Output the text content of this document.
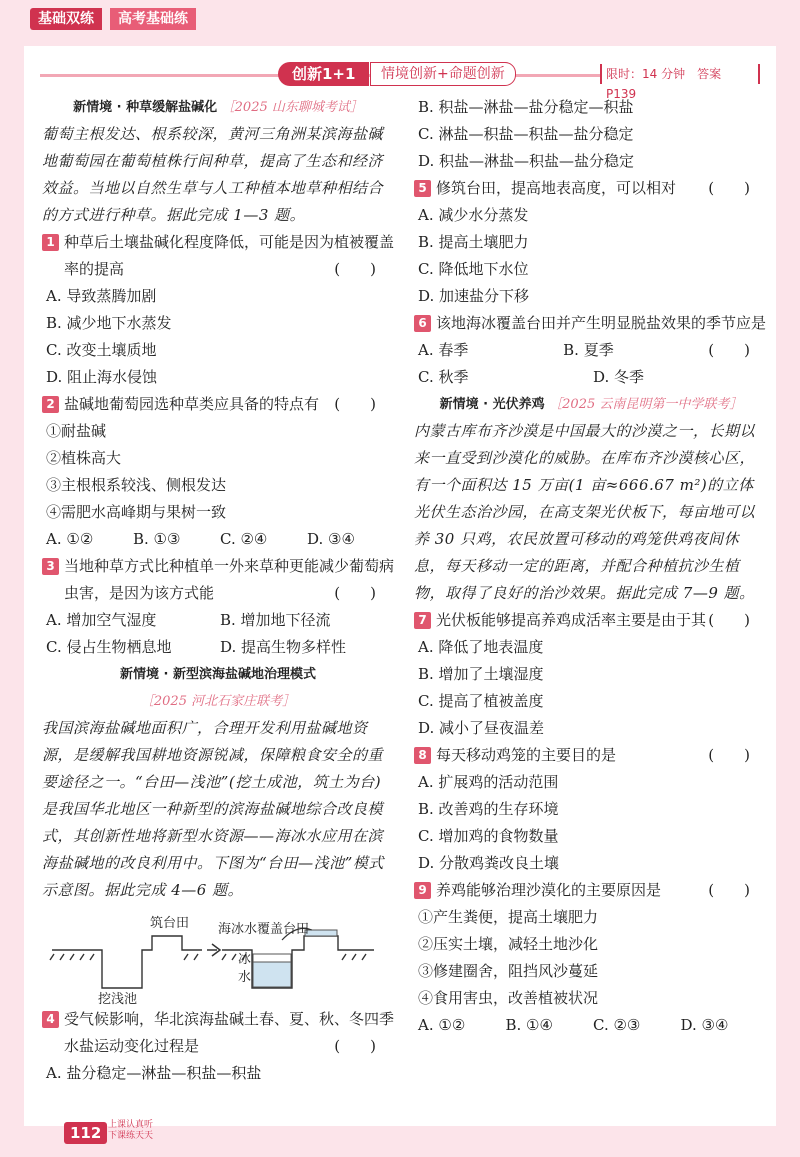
基础双练	高考基础练
创新1+1	情境创新+命题创新	限时：14 分钟　答案 P139
新情境 · 种草缓解盐碱化 ［2025 山东聊城考试］

葡萄主根发达、根系较深，黄河三角洲某滨海盐碱地葡萄园在葡萄植株行间种草，提高了生态和经济效益。当地以自然生草与人工种植本地草种相结合的方式进行种草。据此完成 1—3 题。

1 种草后土壤盐碱化程度降低，可能是因为植被覆盖率的提高	(　　)

A. 导致蒸腾加剧

B. 减少地下水蒸发

C. 改变土壤质地

D. 阻止海水侵蚀

2 盐碱地葡萄园选种草类应具备的特点有 (　　)

①耐盐碱

②植株高大

③主根根系较浅、侧根发达

④需肥水高峰期与果树一致

A. ①②	B. ①③	C. ②④	D. ③④
3 当地种草方式比种植单一外来草种更能减少葡萄病虫害，是因为该方式能	(　　)
A. 增加空气湿度	B. 增加地下径流
C. 侵占生物栖息地	D. 提高生物多样性
新情境 · 新型滨海盐碱地治理模式 ［2025 河北石家庄联考］

我国滨海盐碱地面积广，合理开发利用盐碱地资源，是缓解我国耕地资源锐减，保障粮食安全的重要途径之一。“台田—浅池”(挖土成池，筑土为台)是我国华北地区一种新型的滨海盐碱地综合改良模式，其创新性地将新型水资源——海冰水应用在滨海盐碱地的改良利用中。下图为“台田—浅池”模式示意图。据此完成 4—6 题。

筑台田
挖浅池
海冰水覆盖台田
冰
水
4 受气候影响，华北滨海盐碱土春、夏、秋、冬四季水盐运动变化过程是	(　　)

A. 盐分稳定—淋盐—积盐—积盐

B. 积盐—淋盐—盐分稳定—积盐

C. 淋盐—积盐—积盐—盐分稳定

D. 积盐—淋盐—积盐—盐分稳定

5 修筑台田，提高地表高度，可以相对 (　　)

A. 减少水分蒸发

B. 提高土壤肥力

C. 降低地下水位

D. 加速盐分下移

6 该地海冰覆盖台田并产生明显脱盐效果的季节应是
(　　)
A. 春季	B. 夏季
C. 秋季	D. 冬季
新情境 · 光伏养鸡 ［2025 云南昆明第一中学联考］

内蒙古库布齐沙漠是中国最大的沙漠之一，长期以来一直受到沙漠化的威胁。在库布齐沙漠核心区，有一个面积达 15 万亩(1 亩≈666.67 m²)的立体光伏生态治沙园，在高支架光伏板下，每亩地可以养 30 只鸡，农民放置可移动的鸡笼供鸡夜间休息，每天移动一定的距离，并配合种植抗沙生植物，取得了良好的治沙效果。据此完成 7—9 题。

7 光伏板能够提高养鸡成活率主要是由于其 (　　)

A. 降低了地表温度

B. 增加了土壤湿度

C. 提高了植被盖度

D. 减小了昼夜温差

8 每天移动鸡笼的主要目的是	(　　)

A. 扩展鸡的活动范围

B. 改善鸡的生存环境

C. 增加鸡的食物数量

D. 分散鸡粪改良土壤

9 养鸡能够治理沙漠化的主要原因是	(　　)

①产生粪便，提高土壤肥力

②压实土壤，减轻土地沙化

③修建圈舍，阻挡风沙蔓延

④食用害虫，改善植被状况

A. ①②	B. ①④	C. ②③	D. ③④
112 上课认真听
下课练天天
